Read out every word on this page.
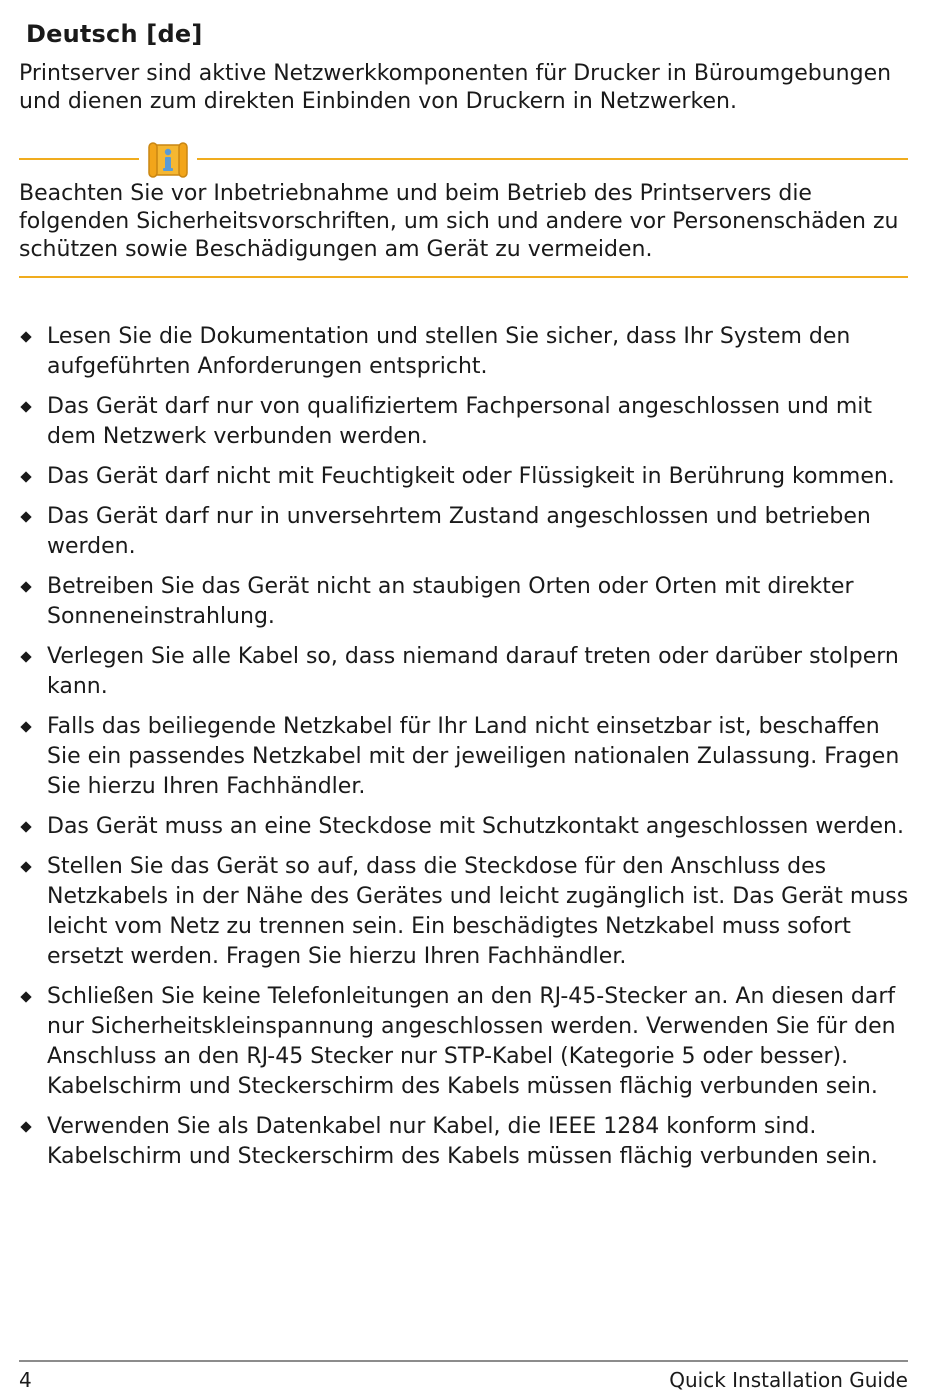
Deutsch [de]

Printserver sind aktive Netzwerkkomponenten für Drucker in Büroumgebungen und dienen zum direkten Einbinden von Druckern in Netzwerken.

Beachten Sie vor Inbetriebnahme und beim Betrieb des Printservers die folgenden Sicherheitsvorschriften, um sich und andere vor Personenschäden zu schützen sowie Beschädigungen am Gerät zu vermeiden.

Lesen Sie die Dokumentation und stellen Sie sicher, dass Ihr System den aufgeführten Anforderungen entspricht.
Das Gerät darf nur von qualifiziertem Fachpersonal angeschlossen und mit dem Netzwerk verbunden werden.
Das Gerät darf nicht mit Feuchtigkeit oder Flüssigkeit in Berührung kommen.
Das Gerät darf nur in unversehrtem Zustand angeschlossen und betrieben werden.
Betreiben Sie das Gerät nicht an staubigen Orten oder Orten mit direkter Sonneneinstrahlung.
Verlegen Sie alle Kabel so, dass niemand darauf treten oder darüber stolpern kann.
Falls das beiliegende Netzkabel für Ihr Land nicht einsetzbar ist, beschaffen Sie ein passendes Netzkabel mit der jeweiligen nationalen Zulassung. Fragen Sie hierzu Ihren Fachhändler.
Das Gerät muss an eine Steckdose mit Schutzkontakt angeschlossen werden.
Stellen Sie das Gerät so auf, dass die Steckdose für den Anschluss des Netzkabels in der Nähe des Gerätes und leicht zugänglich ist. Das Gerät muss leicht vom Netz zu trennen sein. Ein beschädigtes Netzkabel muss sofort ersetzt werden. Fragen Sie hierzu Ihren Fachhändler.
Schließen Sie keine Telefonleitungen an den RJ-45-Stecker an. An diesen darf nur Sicherheitskleinspannung angeschlossen werden. Verwenden Sie für den Anschluss an den RJ-45 Stecker nur STP-Kabel (Kategorie 5 oder besser). Kabelschirm und Steckerschirm des Kabels müssen flächig verbunden sein.
Verwenden Sie als Datenkabel nur Kabel, die IEEE 1284 konform sind. Kabelschirm und Steckerschirm des Kabels müssen flächig verbunden sein.
4	Quick Installation Guide
